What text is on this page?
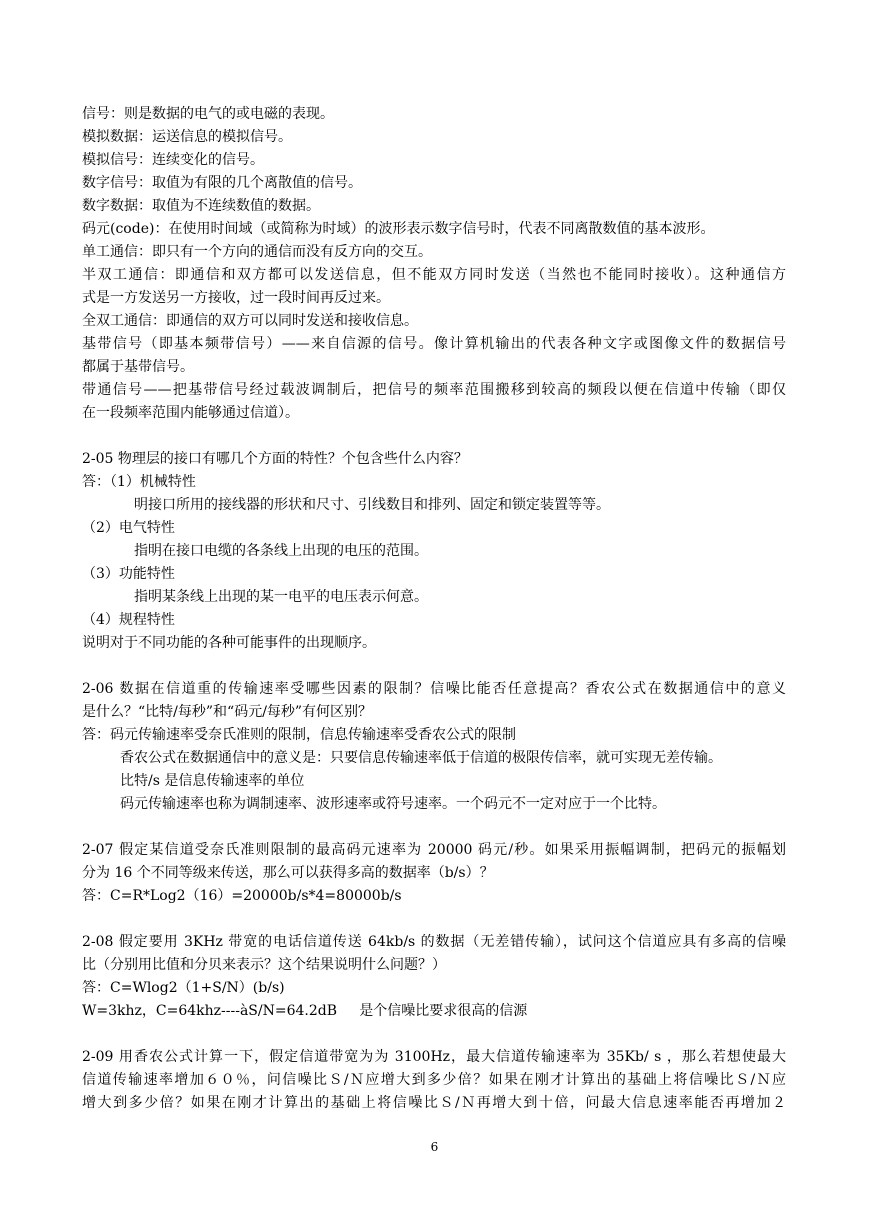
信号：则是数据的电气的或电磁的表现。
模拟数据：运送信息的模拟信号。
模拟信号：连续变化的信号。
数字信号：取值为有限的几个离散值的信号。
数字数据：取值为不连续数值的数据。
码元(code)：在使用时间域（或简称为时域）的波形表示数字信号时，代表不同离散数值的基本波形。
单工通信：即只有一个方向的通信而没有反方向的交互。
半双工通信：即通信和双方都可以发送信息，但不能双方同时发送（当然也不能同时接收）。这种通信方
式是一方发送另一方接收，过一段时间再反过来。
全双工通信：即通信的双方可以同时发送和接收信息。
基带信号（即基本频带信号）——来自信源的信号。像计算机输出的代表各种文字或图像文件的数据信号
都属于基带信号。
带通信号——把基带信号经过载波调制后，把信号的频率范围搬移到较高的频段以便在信道中传输（即仅
在一段频率范围内能够通过信道）。
2-05 物理层的接口有哪几个方面的特性？个包含些什么内容？
答：（1）机械特性
明接口所用的接线器的形状和尺寸、引线数目和排列、固定和锁定装置等等。
（2）电气特性
指明在接口电缆的各条线上出现的电压的范围。
（3）功能特性
指明某条线上出现的某一电平的电压表示何意。
（4）规程特性
说明对于不同功能的各种可能事件的出现顺序。
2-06 数据在信道重的传输速率受哪些因素的限制？信噪比能否任意提高？香农公式在数据通信中的意义
是什么？“比特/每秒”和“码元/每秒”有何区别？
答：码元传输速率受奈氏准则的限制，信息传输速率受香农公式的限制
香农公式在数据通信中的意义是：只要信息传输速率低于信道的极限传信率，就可实现无差传输。
比特/s 是信息传输速率的单位
码元传输速率也称为调制速率、波形速率或符号速率。一个码元不一定对应于一个比特。
2-07 假定某信道受奈氏准则限制的最高码元速率为 20000 码元/秒。如果采用振幅调制，把码元的振幅划
分为 16 个不同等级来传送，那么可以获得多高的数据率（b/s）？
答：C=R*Log2（16）=20000b/s*4=80000b/s
2-08 假定要用 3KHz 带宽的电话信道传送 64kb/s 的数据（无差错传输），试问这个信道应具有多高的信噪
比（分别用比值和分贝来表示？这个结果说明什么问题？）
答：C=Wlog2（1+S/N）(b/s)
W=3khz，C=64khz----àS/N=64.2dB     是个信噪比要求很高的信源
2-09 用香农公式计算一下，假定信道带宽为为 3100Hz，最大信道传输速率为 35Kb/ s ，那么若想使最大
信道传输速率增加６０％，问信噪比Ｓ/Ｎ应增大到多少倍？如果在刚才计算出的基础上将信噪比Ｓ/Ｎ应
增大到多少倍？如果在刚才计算出的基础上将信噪比Ｓ/Ｎ再增大到十倍，问最大信息速率能否再增加２
6
